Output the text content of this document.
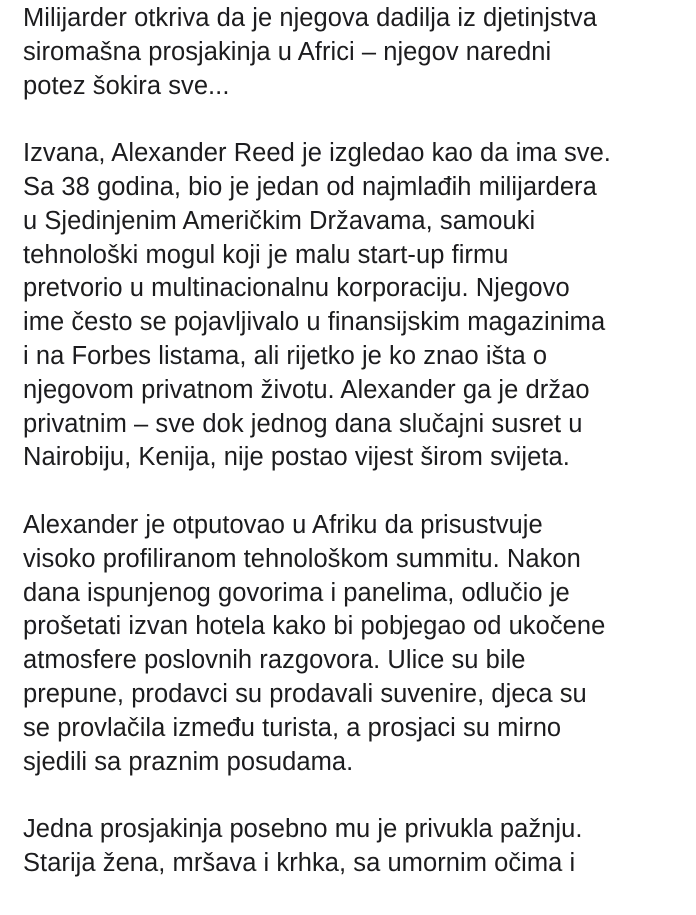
Milijarder otkriva da je njegova dadilja iz djetinjstva
siromašna prosjakinja u Africi – njegov naredni
potez šokira sve...
Izvana, Alexander Reed je izgledao kao da ima sve.
Sa 38 godina, bio je jedan od najmlađih milijardera
u Sjedinjenim Američkim Državama, samouki
tehnološki mogul koji je malu start-up firmu
pretvorio u multinacionalnu korporaciju. Njegovo
ime često se pojavljivalo u finansijskim magazinima
i na Forbes listama, ali rijetko je ko znao išta o
njegovom privatnom životu. Alexander ga je držao
privatnim – sve dok jednog dana slučajni susret u
Nairobiju, Kenija, nije postao vijest širom svijeta.
Alexander je otputovao u Afriku da prisustvuje
visoko profiliranom tehnološkom summitu. Nakon
dana ispunjenog govorima i panelima, odlučio je
prošetati izvan hotela kako bi pobjegao od ukočene
atmosfere poslovnih razgovora. Ulice su bile
prepune, prodavci su prodavali suvenire, djeca su
se provlačila između turista, a prosjaci su mirno
sjedili sa praznim posudama.
Jedna prosjakinja posebno mu je privukla pažnju.
Starija žena, mršava i krhka, sa umornim očima i
